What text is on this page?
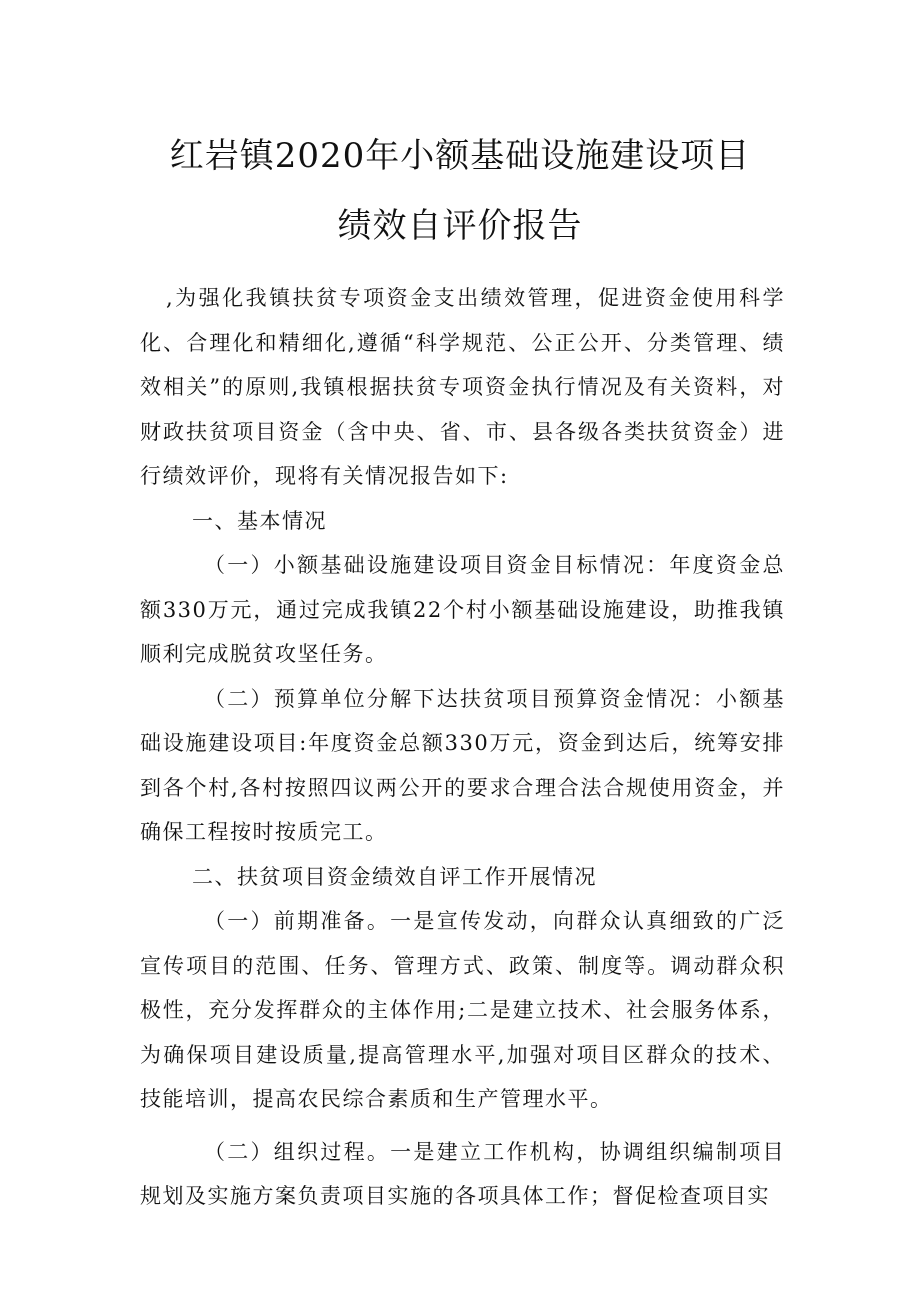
红岩镇2020年小额基础设施建设项目
绩效自评价报告

,为强化我镇扶贫专项资金支出绩效管理，促进资金使用科学化、合理化和精细化,遵循“科学规范、公正公开、分类管理、绩效相关”的原则,我镇根据扶贫专项资金执行情况及有关资料，对财政扶贫项目资金（含中央、省、市、县各级各类扶贫资金）进行绩效评价，现将有关情况报告如下:

一、基本情况

（一）小额基础设施建设项目资金目标情况：年度资金总额330万元，通过完成我镇22个村小额基础设施建设，助推我镇顺利完成脱贫攻坚任务。

（二）预算单位分解下达扶贫项目预算资金情况：小额基础设施建设项目:年度资金总额330万元，资金到达后，统筹安排到各个村,各村按照四议两公开的要求合理合法合规使用资金，并确保工程按时按质完工。

二、扶贫项目资金绩效自评工作开展情况

（一）前期准备。一是宣传发动，向群众认真细致的广泛宣传项目的范围、任务、管理方式、政策、制度等。调动群众积极性，充分发挥群众的主体作用;二是建立技术、社会服务体系，为确保项目建设质量,提高管理水平,加强对项目区群众的技术、技能培训，提高农民综合素质和生产管理水平。

（二）组织过程。一是建立工作机构，协调组织编制项目规划及实施方案负责项目实施的各项具体工作；督促检查项目实
